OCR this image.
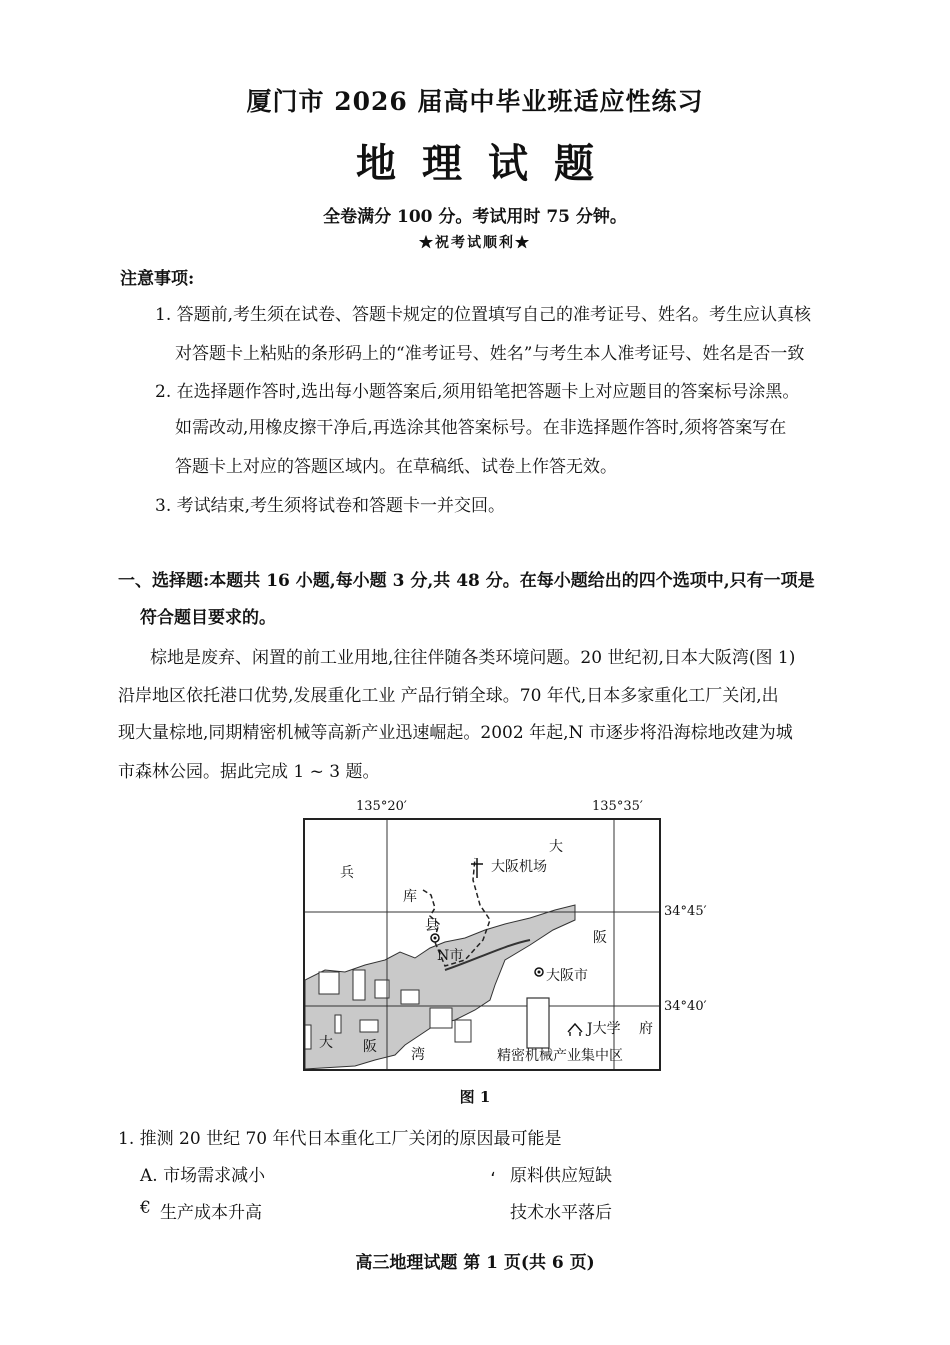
厦门市 2026 届高中毕业班适应性练习
地理试题
全卷满分 100 分。考试用时 75 分钟。
★祝考试顺利★
注意事项:
1. 答题前,考生须在试卷、答题卡规定的位置填写自己的准考证号、姓名。考生应认真核
对答题卡上粘贴的条形码上的“准考证号、姓名”与考生本人准考证号、姓名是否一致
2. 在选择题作答时,选出每小题答案后,须用铅笔把答题卡上对应题目的答案标号涂黑。
如需改动,用橡皮擦干净后,再选涂其他答案标号。在非选择题作答时,须将答案写在
答题卡上对应的答题区域内。在草稿纸、试卷上作答无效。
3. 考试结束,考生须将试卷和答题卡一并交回。
一、选择题:本题共 16 小题,每小题 3 分,共 48 分。在每小题给出的四个选项中,只有一项是
符合题目要求的。
棕地是废弃、闲置的前工业用地,往往伴随各类环境问题。20 世纪初,日本大阪湾(图 1)
沿岸地区依托港口优势,发展重化工业 产品行销全球。70 年代,日本多家重化工厂关闭,出
现大量棕地,同期精密机械等高新产业迅速崛起。2002 年起,N 市逐步将沿海棕地改建为城
市森林公园。据此完成 1 ~ 3 题。
135°20′	135°35′
34°45′
34°40′
兵
库
县
大
阪
府
大阪机场
N市
大阪市
J大学
精密机械产业集中区
大 阪 湾
图 1
1. 推测 20 世纪 70 年代日本重化工厂关闭的原因最可能是
A. 市场需求减小	، 原料供应短缺
€ 生产成本升高	技术水平落后
高三地理试题 第 1 页(共 6 页)
